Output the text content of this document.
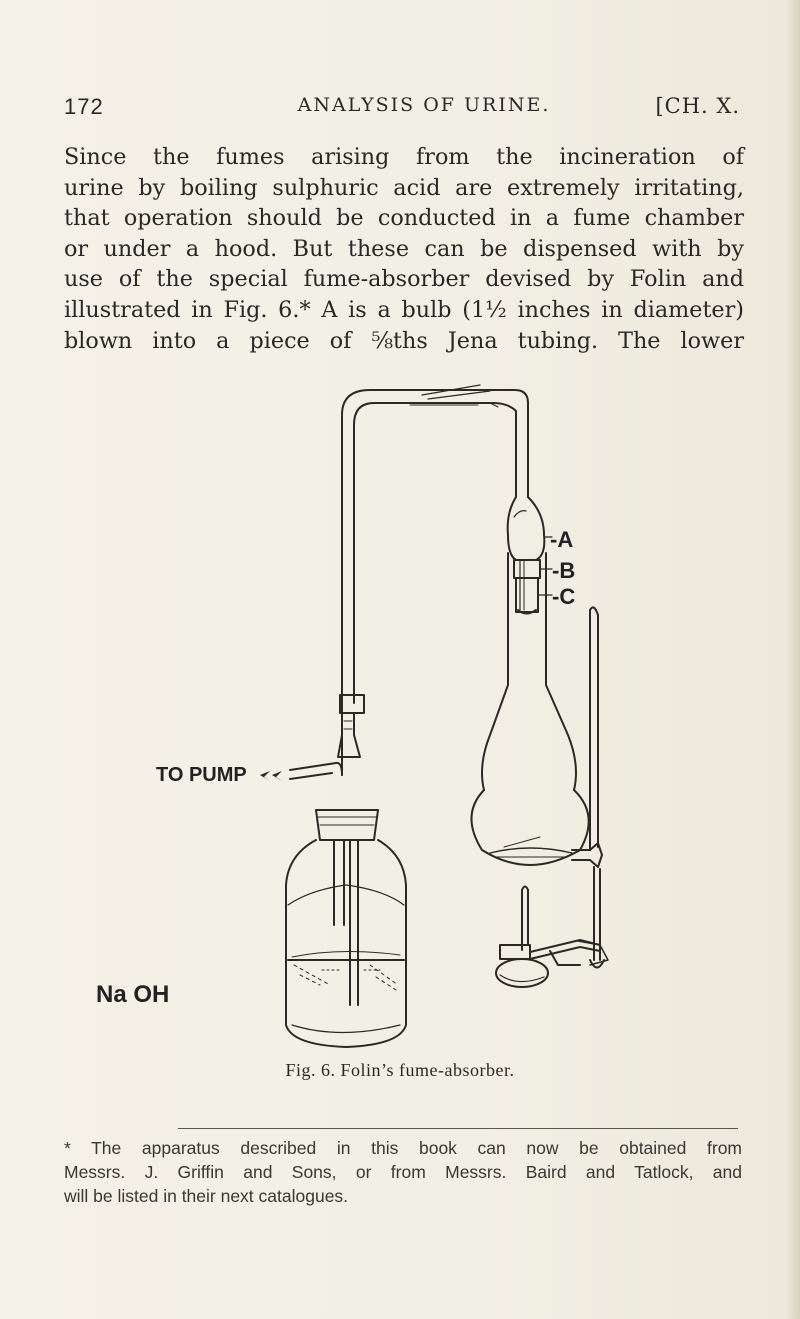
172	ANALYSIS OF URINE.	[CH. X.
Since the fumes arising from the incineration of
urine by boiling sulphuric acid are extremely irritating,
that operation should be conducted in a fume chamber
or under a hood. But these can be dispensed with by
use of the special fume-absorber devised by Folin and
illustrated in Fig. 6.* A is a bulb (1½ inches in diameter)
blown into a piece of ⅝ths Jena tubing. The lower
-A
-B
-C
TO PUMP
Na OH
Fig. 6. Folin’s fume-absorber.
* The apparatus described in this book can now be obtained from
Messrs. J. Griffin and Sons, or from Messrs. Baird and Tatlock, and
will be listed in their next catalogues.
